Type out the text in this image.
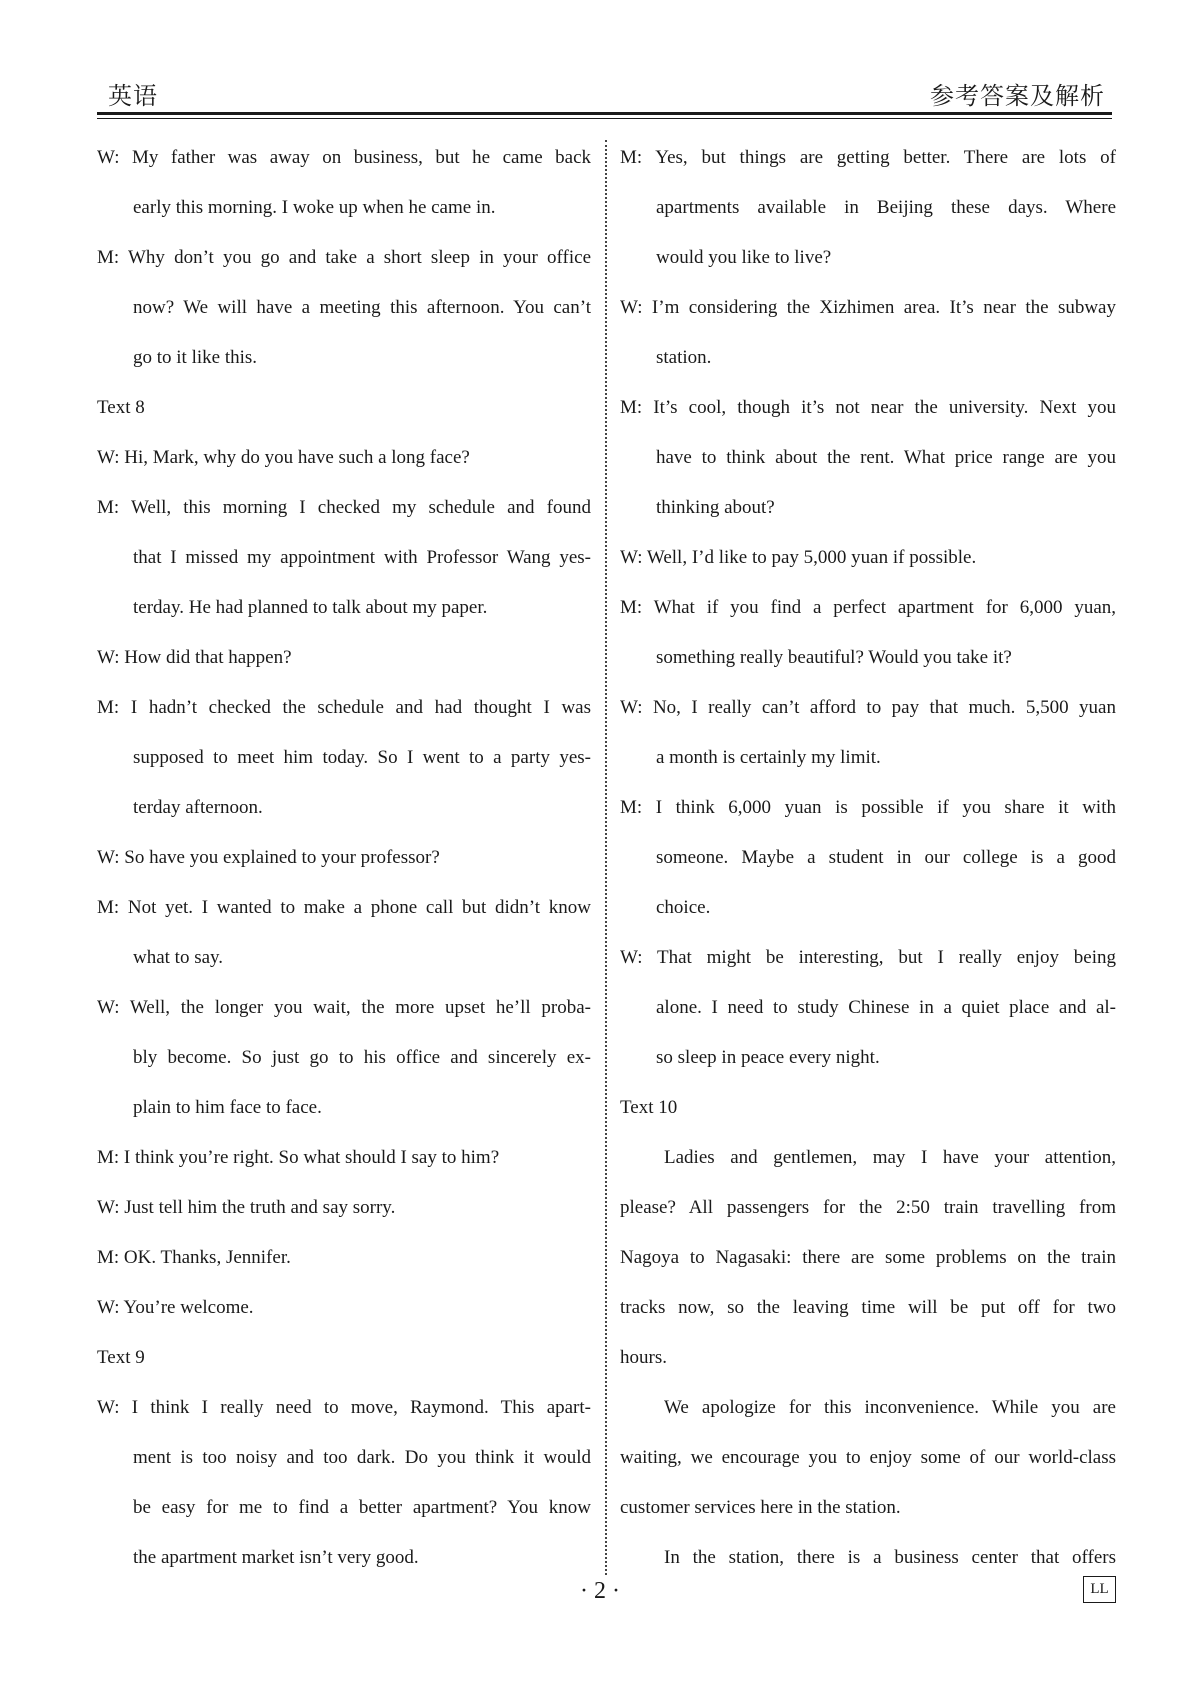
英语	参考答案及解析
W: My father was away on business, but he came back
early this morning. I woke up when he came in.
M: Why don’t you go and take a short sleep in your office
now? We will have a meeting this afternoon. You can’t
go to it like this.
Text 8
W: Hi, Mark, why do you have such a long face?
M: Well, this morning I checked my schedule and found
that I missed my appointment with Professor Wang yes-
terday. He had planned to talk about my paper.
W: How did that happen?
M: I hadn’t checked the schedule and had thought I was
supposed to meet him today. So I went to a party yes-
terday afternoon.
W: So have you explained to your professor?
M: Not yet. I wanted to make a phone call but didn’t know
what to say.
W: Well, the longer you wait, the more upset he’ll proba-
bly become. So just go to his office and sincerely ex-
plain to him face to face.
M: I think you’re right. So what should I say to him?
W: Just tell him the truth and say sorry.
M: OK. Thanks, Jennifer.
W: You’re welcome.
Text 9
W: I think I really need to move, Raymond. This apart-
ment is too noisy and too dark. Do you think it would
be easy for me to find a better apartment? You know
the apartment market isn’t very good.
M: Yes, but things are getting better. There are lots of
apartments available in Beijing these days. Where
would you like to live?
W: I’m considering the Xizhimen area. It’s near the subway
station.
M: It’s cool, though it’s not near the university. Next you
have to think about the rent. What price range are you
thinking about?
W: Well, I’d like to pay 5,000 yuan if possible.
M: What if you find a perfect apartment for 6,000 yuan,
something really beautiful? Would you take it?
W: No, I really can’t afford to pay that much. 5,500 yuan
a month is certainly my limit.
M: I think 6,000 yuan is possible if you share it with
someone. Maybe a student in our college is a good
choice.
W: That might be interesting, but I really enjoy being
alone. I need to study Chinese in a quiet place and al-
so sleep in peace every night.
Text 10
Ladies and gentlemen, may I have your attention,
please? All passengers for the 2:50 train travelling from
Nagoya to Nagasaki: there are some problems on the train
tracks now, so the leaving time will be put off for two
hours.
We apologize for this inconvenience. While you are
waiting, we encourage you to enjoy some of our world-class
customer services here in the station.
In the station, there is a business center that offers
· 2 ·	LL
